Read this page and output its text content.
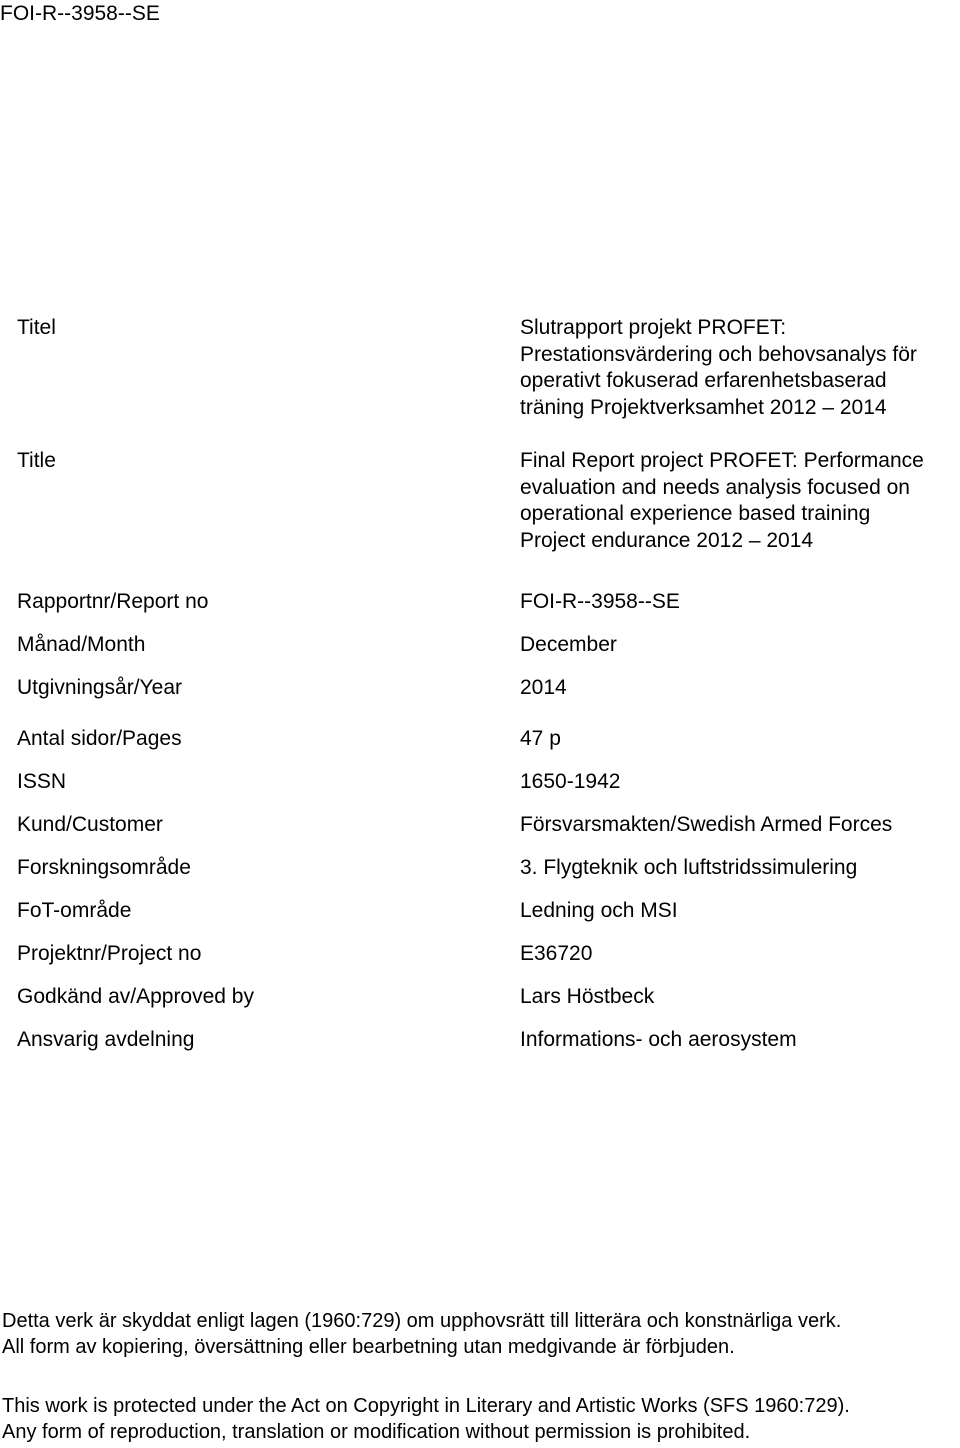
FOI-R--3958--SE
Titel	Slutrapport projekt PROFET:
Prestationsvärdering och behovsanalys för
operativt fokuserad erfarenhetsbaserad
träning Projektverksamhet 2012 – 2014
Title	Final Report project PROFET: Performance
evaluation and needs analysis focused on
operational experience based training
Project endurance 2012 – 2014
Rapportnr/Report no	FOI-R--3958--SE
Månad/Month	December
Utgivningsår/Year	2014
Antal sidor/Pages	47 p
ISSN	1650-1942
Kund/Customer	Försvarsmakten/Swedish Armed Forces
Forskningsområde	3. Flygteknik och luftstridssimulering
FoT-område	Ledning och MSI
Projektnr/Project no	E36720
Godkänd av/Approved by	Lars Höstbeck
Ansvarig avdelning	Informations- och aerosystem
Detta verk är skyddat enligt lagen (1960:729) om upphovsrätt till litterära och konstnärliga verk.
All form av kopiering, översättning eller bearbetning utan medgivande är förbjuden.
This work is protected under the Act on Copyright in Literary and Artistic Works (SFS 1960:729).
Any form of reproduction, translation or modification without permission is prohibited.
